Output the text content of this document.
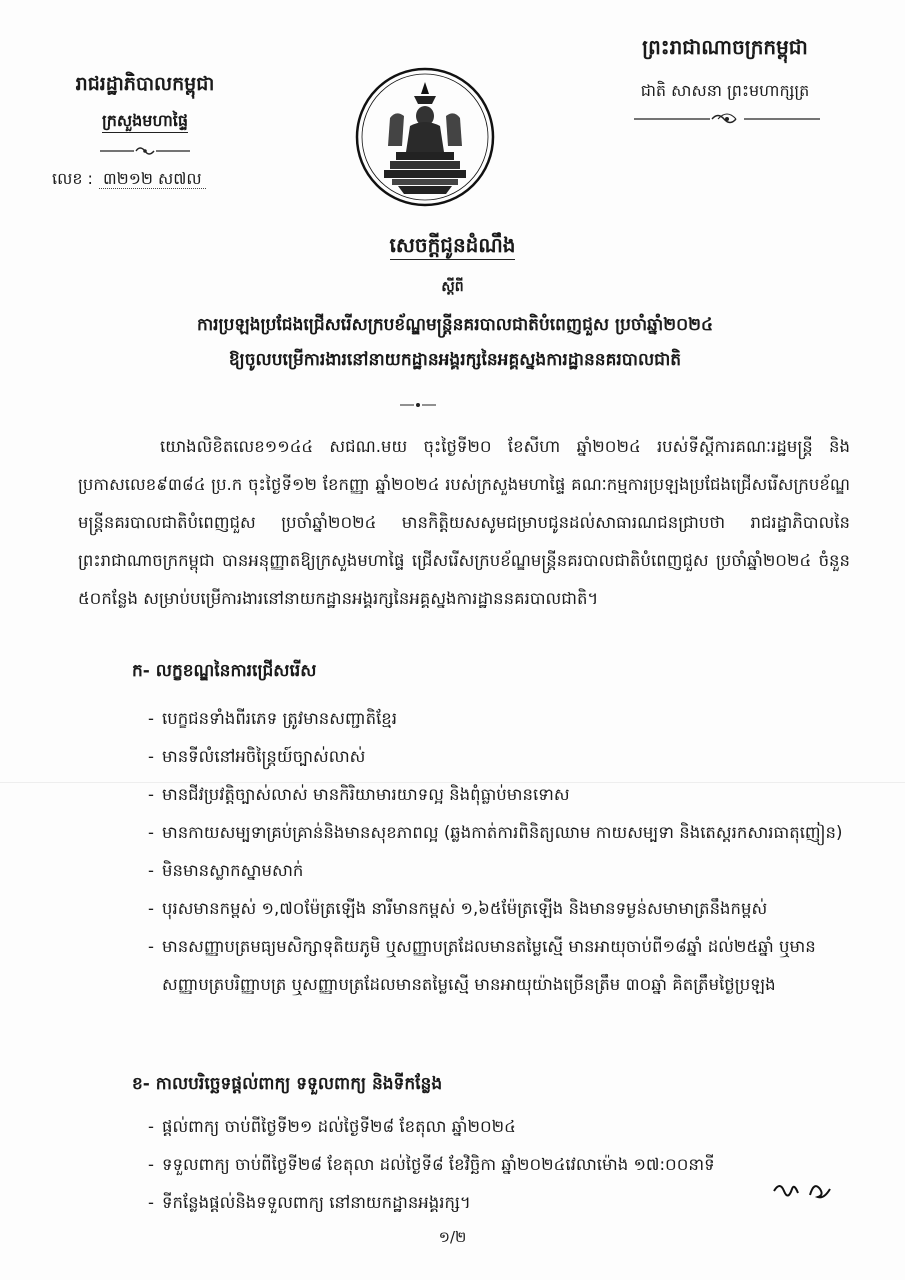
ព្រះរាជាណាចក្រកម្ពុជា
ជាតិ សាសនា ព្រះមហាក្សត្រ
រាជរដ្ឋាភិបាលកម្ពុជា
ក្រសួងមហាផ្ទៃ
លេខ : ៣២១២ ស៧ល
សេចក្ដីជូនដំណឹង
ស្ដីពី
ការប្រឡងប្រជែងជ្រើសរើសក្របខ័ណ្ឌមន្ត្រីនគរបាលជាតិបំពេញជួស ប្រចាំឆ្នាំ២០២៤
ឱ្យចូលបម្រើការងារនៅនាយកដ្ឋានអង្គរក្សនៃអគ្គស្នងការដ្ឋាននគរបាលជាតិ
យោងលិខិតលេខ១១៤៤ សជណ.មយ ចុះថ្ងៃទី២០ ខែសីហា ឆ្នាំ២០២៤ របស់ទីស្ដីការគណៈរដ្ឋមន្ត្រី និងប្រកាសលេខ៩៣៨៤ ប្រ.ក ចុះថ្ងៃទី១២ ខែកញ្ញា ឆ្នាំ២០២៤ របស់ក្រសួងមហាផ្ទៃ គណៈកម្មការប្រឡងប្រជែងជ្រើសរើសក្របខ័ណ្ឌមន្ត្រីនគរបាលជាតិបំពេញជួស ប្រចាំឆ្នាំ២០២៤ មានកិត្តិយសសូមជម្រាបជូនដល់សាធារណជនជ្រាបថា រាជរដ្ឋាភិបាលនៃព្រះរាជាណាចក្រកម្ពុជា បានអនុញ្ញាតឱ្យក្រសួងមហាផ្ទៃ ជ្រើសរើសក្របខ័ណ្ឌមន្ត្រីនគរបាលជាតិបំពេញជួស ប្រចាំឆ្នាំ២០២៤ ចំនួន ៥០កន្លែង សម្រាប់បម្រើការងារនៅនាយកដ្ឋានអង្គរក្សនៃអគ្គស្នងការដ្ឋាននគរបាលជាតិ។
ក- លក្ខខណ្ឌនៃការជ្រើសរើស
- បេក្ខជនទាំងពីរភេទ ត្រូវមានសញ្ជាតិខ្មែរ
- មានទីលំនៅអចិន្ត្រៃយ៍ច្បាស់លាស់
- មានជីវប្រវត្តិច្បាស់លាស់ មានកិរិយាមារយាទល្អ និងពុំធ្លាប់មានទោស
- មានកាយសម្បទាគ្រប់គ្រាន់និងមានសុខភាពល្អ (ឆ្លងកាត់ការពិនិត្យឈាម កាយសម្បទា និងតេស្តរកសារធាតុញៀន)
- មិនមានស្លាកស្នាមសាក់
- បុរសមានកម្ពស់ ១,៧០ម៉ែត្រឡើង នារីមានកម្ពស់ ១,៦៥ម៉ែត្រឡើង និងមានទម្ងន់សមាមាត្រនឹងកម្ពស់
- មានសញ្ញាបត្រមធ្យមសិក្សាទុតិយភូមិ ឬសញ្ញាបត្រដែលមានតម្លៃស្មើ មានអាយុចាប់ពី១៨ឆ្នាំ ដល់២៥ឆ្នាំ ឬមានសញ្ញាបត្របរិញ្ញាបត្រ ឬសញ្ញាបត្រដែលមានតម្លៃស្មើ មានអាយុយ៉ាងច្រើនត្រឹម ៣០ឆ្នាំ គិតត្រឹមថ្ងៃប្រឡង
ខ- កាលបរិច្ឆេទផ្ដល់ពាក្យ ទទួលពាក្យ និងទីកន្លែង
- ផ្ដល់ពាក្យ ចាប់ពីថ្ងៃទី២១ ដល់ថ្ងៃទី២៨ ខែតុលា ឆ្នាំ២០២៤
- ទទួលពាក្យ ចាប់ពីថ្ងៃទី២៨ ខែតុលា ដល់ថ្ងៃទី៨ ខែវិច្ឆិកា ឆ្នាំ២០២៤វេលាម៉ោង ១៧:០០នាទី
- ទីកន្លែងផ្ដល់និងទទួលពាក្យ នៅនាយកដ្ឋានអង្គរក្ស។
១/២
